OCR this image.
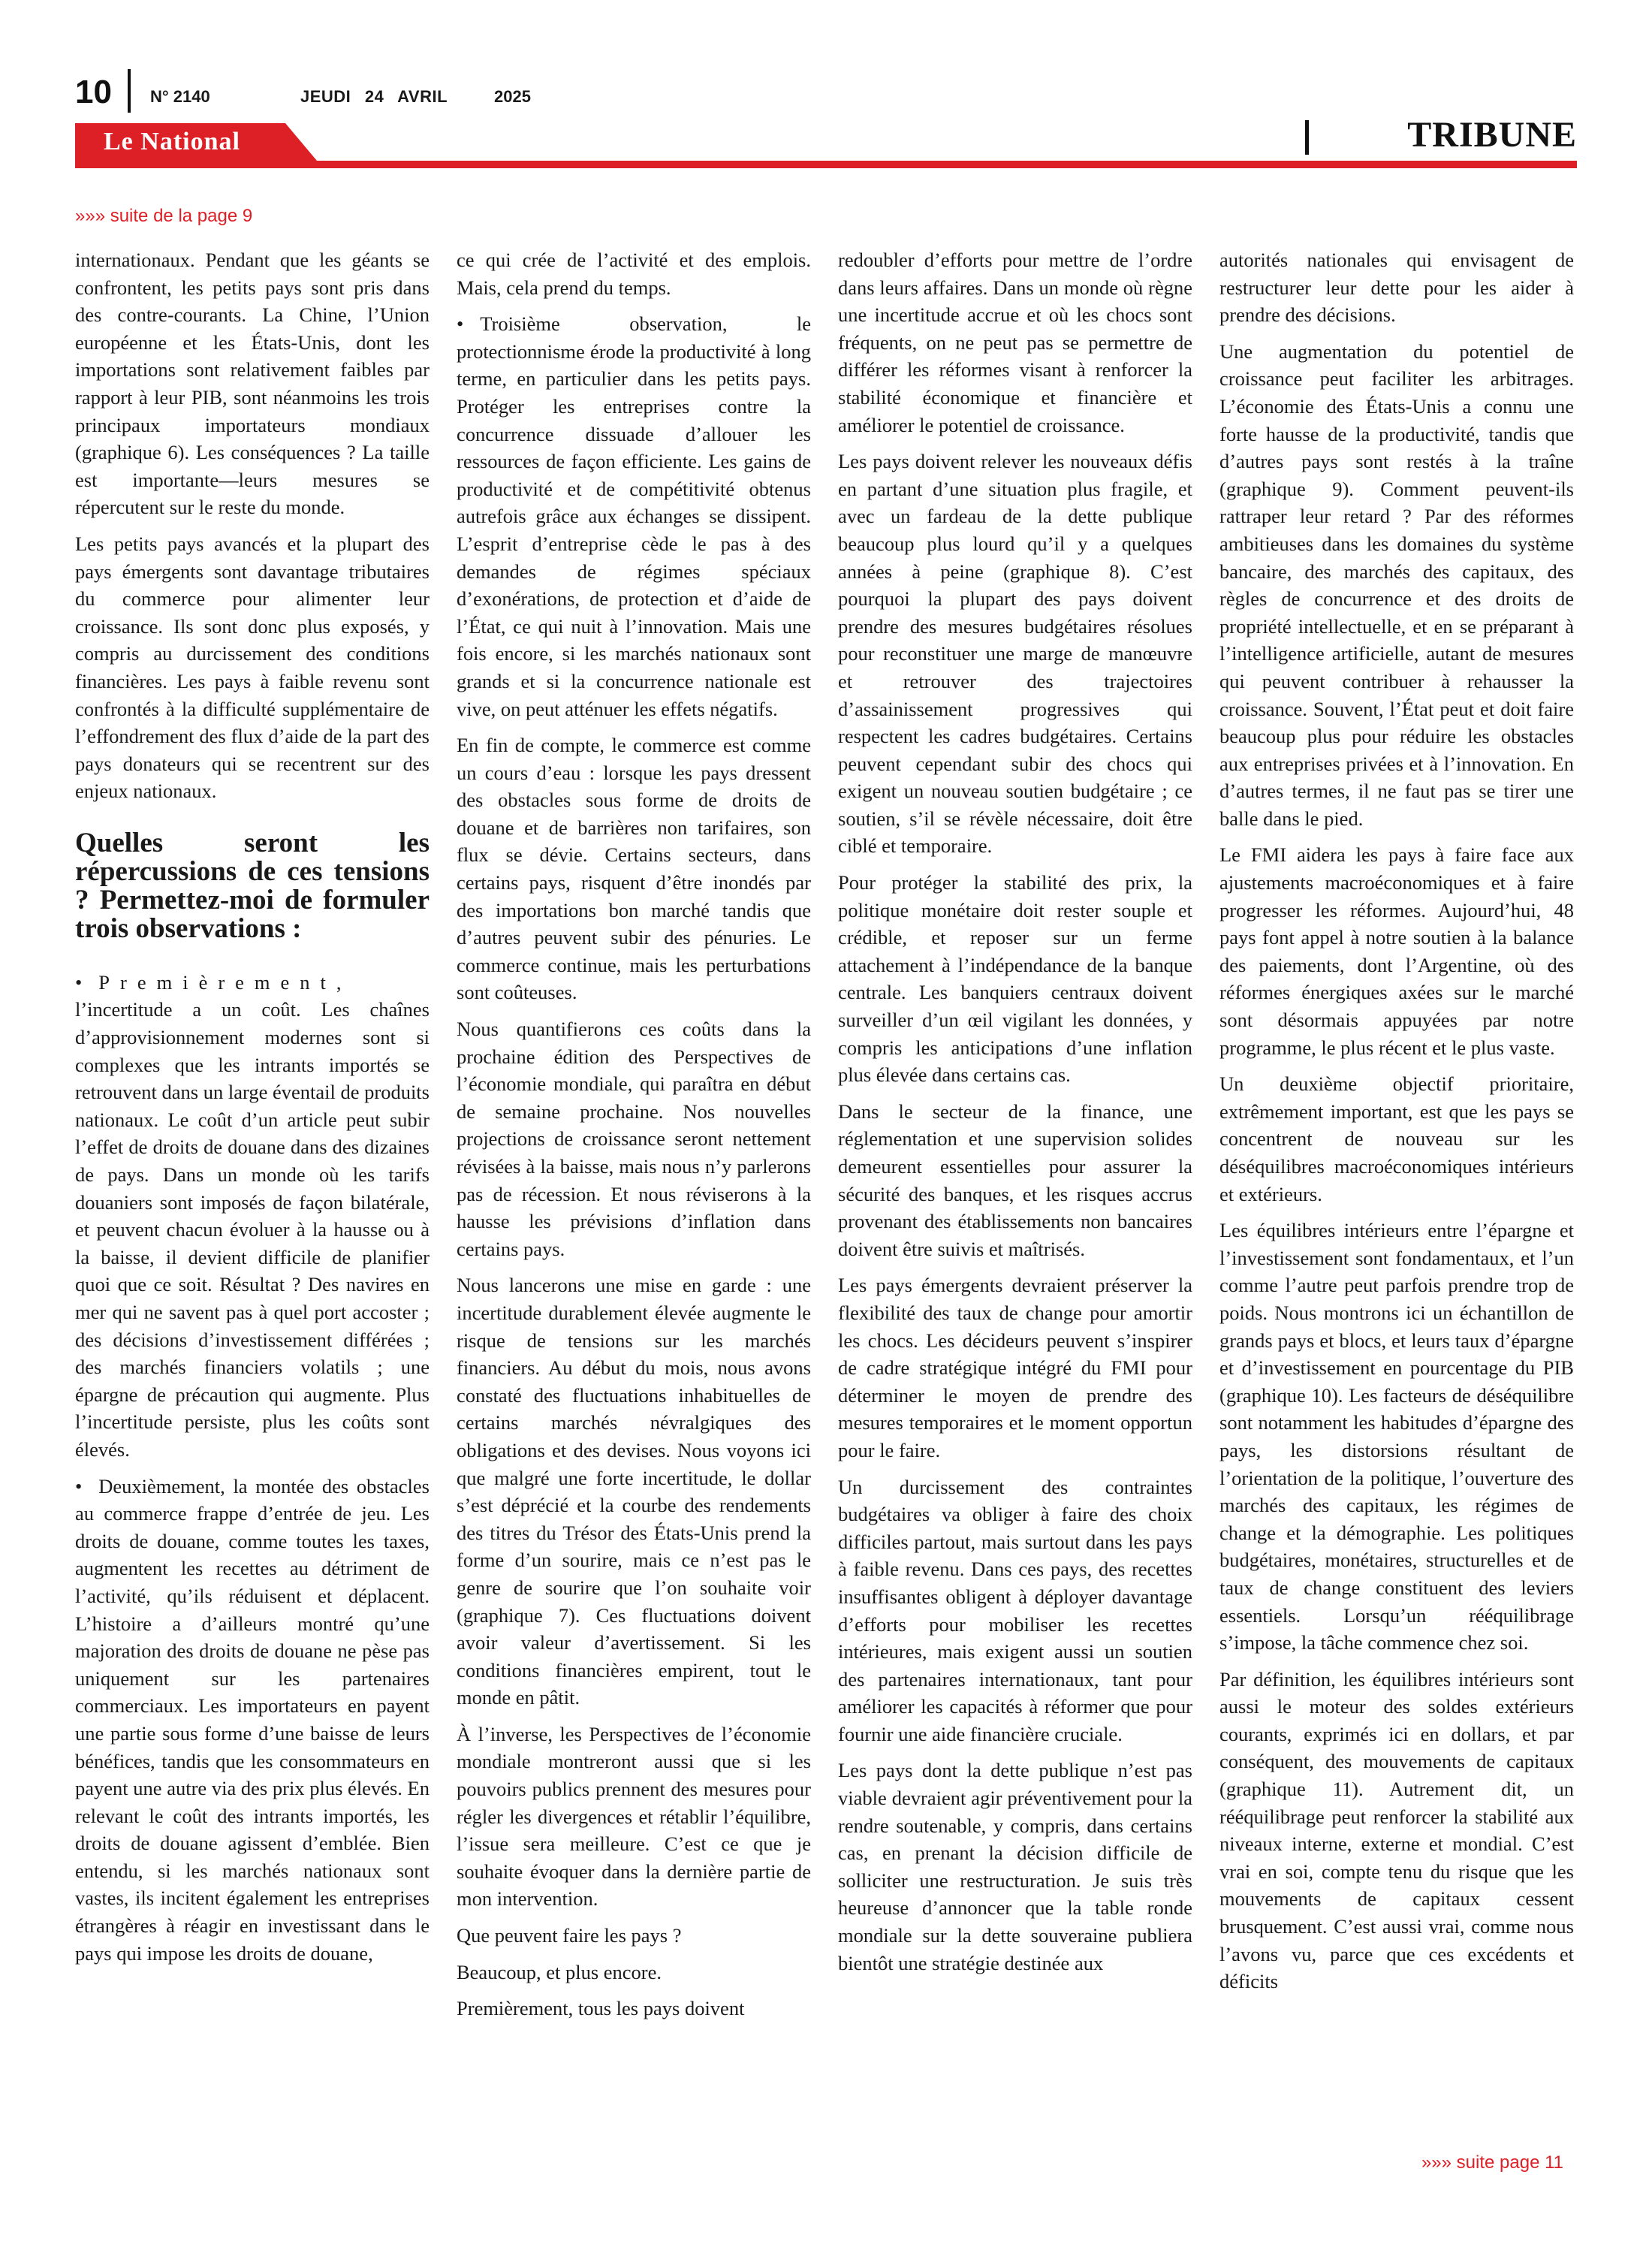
10 N° 2140	JEUDI 24 AVRIL	2025
Le National	TRIBUNE
»»» suite de la page 9

internationaux. Pendant que les géants se confrontent, les petits pays sont pris dans des contre-courants. La Chine, l’Union européenne et les États-Unis, dont les importations sont relativement faibles par rapport à leur PIB, sont néanmoins les trois principaux importateurs mondiaux (graphique 6). Les conséquences ? La taille est importante—leurs mesures se répercutent sur le reste du monde.

Les petits pays avancés et la plupart des pays émergents sont davantage tributaires du commerce pour alimenter leur croissance. Ils sont donc plus exposés, y compris au durcissement des conditions financières. Les pays à faible revenu sont confrontés à la difficulté supplémentaire de l’effondrement des flux d’aide de la part des pays donateurs qui se recentrent sur des enjeux nationaux.

Quelles seront les répercussions de ces tensions ? Permettez-moi de formuler trois observations :

• Premièrement, l’incertitude a un coût. Les chaînes d’approvisionnement modernes sont si complexes que les intrants importés se retrouvent dans un large éventail de produits nationaux. Le coût d’un article peut subir l’effet de droits de douane dans des dizaines de pays. Dans un monde où les tarifs douaniers sont imposés de façon bilatérale, et peuvent chacun évoluer à la hausse ou à la baisse, il devient difficile de planifier quoi que ce soit. Résultat ? Des navires en mer qui ne savent pas à quel port accoster ; des décisions d’investissement différées ; des marchés financiers volatils ; une épargne de précaution qui augmente. Plus l’incertitude persiste, plus les coûts sont élevés.

• Deuxièmement, la montée des obstacles au commerce frappe d’entrée de jeu. Les droits de douane, comme toutes les taxes, augmentent les recettes au détriment de l’activité, qu’ils réduisent et déplacent. L’histoire a d’ailleurs montré qu’une majoration des droits de douane ne pèse pas uniquement sur les partenaires commerciaux. Les importateurs en payent une partie sous forme d’une baisse de leurs bénéfices, tandis que les consommateurs en payent une autre via des prix plus élevés. En relevant le coût des intrants importés, les droits de douane agissent d’emblée. Bien entendu, si les marchés nationaux sont vastes, ils incitent également les entreprises étrangères à réagir en investissant dans le pays qui impose les droits de douane,

ce qui crée de l’activité et des emplois. Mais, cela prend du temps.

• Troisième observation, le protectionnisme érode la productivité à long terme, en particulier dans les petits pays. Protéger les entreprises contre la concurrence dissuade d’allouer les ressources de façon efficiente. Les gains de productivité et de compétitivité obtenus autrefois grâce aux échanges se dissipent. L’esprit d’entreprise cède le pas à des demandes de régimes spéciaux d’exonérations, de protection et d’aide de l’État, ce qui nuit à l’innovation. Mais une fois encore, si les marchés nationaux sont grands et si la concurrence nationale est vive, on peut atténuer les effets négatifs.

En fin de compte, le commerce est comme un cours d’eau : lorsque les pays dressent des obstacles sous forme de droits de douane et de barrières non tarifaires, son flux se dévie. Certains secteurs, dans certains pays, risquent d’être inondés par des importations bon marché tandis que d’autres peuvent subir des pénuries. Le commerce continue, mais les perturbations sont coûteuses.

Nous quantifierons ces coûts dans la prochaine édition des Perspectives de l’économie mondiale, qui paraîtra en début de semaine prochaine. Nos nouvelles projections de croissance seront nettement révisées à la baisse, mais nous n’y parlerons pas de récession. Et nous réviserons à la hausse les prévisions d’inflation dans certains pays.

Nous lancerons une mise en garde : une incertitude durablement élevée augmente le risque de tensions sur les marchés financiers. Au début du mois, nous avons constaté des fluctuations inhabituelles de certains marchés névralgiques des obligations et des devises. Nous voyons ici que malgré une forte incertitude, le dollar s’est déprécié et la courbe des rendements des titres du Trésor des États-Unis prend la forme d’un sourire, mais ce n’est pas le genre de sourire que l’on souhaite voir (graphique 7). Ces fluctuations doivent avoir valeur d’avertissement. Si les conditions financières empirent, tout le monde en pâtit.

À l’inverse, les Perspectives de l’économie mondiale montreront aussi que si les pouvoirs publics prennent des mesures pour régler les divergences et rétablir l’équilibre, l’issue sera meilleure. C’est ce que je souhaite évoquer dans la dernière partie de mon intervention.

Que peuvent faire les pays ?

Beaucoup, et plus encore.

Premièrement, tous les pays doivent

redoubler d’efforts pour mettre de l’ordre dans leurs affaires. Dans un monde où règne une incertitude accrue et où les chocs sont fréquents, on ne peut pas se permettre de différer les réformes visant à renforcer la stabilité économique et financière et améliorer le potentiel de croissance.

Les pays doivent relever les nouveaux défis en partant d’une situation plus fragile, et avec un fardeau de la dette publique beaucoup plus lourd qu’il y a quelques années à peine (graphique 8). C’est pourquoi la plupart des pays doivent prendre des mesures budgétaires résolues pour reconstituer une marge de manœuvre et retrouver des trajectoires d’assainissement progressives qui respectent les cadres budgétaires. Certains peuvent cependant subir des chocs qui exigent un nouveau soutien budgétaire ; ce soutien, s’il se révèle nécessaire, doit être ciblé et temporaire.

Pour protéger la stabilité des prix, la politique monétaire doit rester souple et crédible, et reposer sur un ferme attachement à l’indépendance de la banque centrale. Les banquiers centraux doivent surveiller d’un œil vigilant les données, y compris les anticipations d’une inflation plus élevée dans certains cas.

Dans le secteur de la finance, une réglementation et une supervision solides demeurent essentielles pour assurer la sécurité des banques, et les risques accrus provenant des établissements non bancaires doivent être suivis et maîtrisés.

Les pays émergents devraient préserver la flexibilité des taux de change pour amortir les chocs. Les décideurs peuvent s’inspirer de cadre stratégique intégré du FMI pour déterminer le moyen de prendre des mesures temporaires et le moment opportun pour le faire.

Un durcissement des contraintes budgétaires va obliger à faire des choix difficiles partout, mais surtout dans les pays à faible revenu. Dans ces pays, des recettes insuffisantes obligent à déployer davantage d’efforts pour mobiliser les recettes intérieures, mais exigent aussi un soutien des partenaires internationaux, tant pour améliorer les capacités à réformer que pour fournir une aide financière cruciale.

Les pays dont la dette publique n’est pas viable devraient agir préventivement pour la rendre soutenable, y compris, dans certains cas, en prenant la décision difficile de solliciter une restructuration. Je suis très heureuse d’annoncer que la table ronde mondiale sur la dette souveraine publiera bientôt une stratégie destinée aux

autorités nationales qui envisagent de restructurer leur dette pour les aider à prendre des décisions.

Une augmentation du potentiel de croissance peut faciliter les arbitrages. L’économie des États-Unis a connu une forte hausse de la productivité, tandis que d’autres pays sont restés à la traîne (graphique 9). Comment peuvent-ils rattraper leur retard ? Par des réformes ambitieuses dans les domaines du système bancaire, des marchés des capitaux, des règles de concurrence et des droits de propriété intellectuelle, et en se préparant à l’intelligence artificielle, autant de mesures qui peuvent contribuer à rehausser la croissance. Souvent, l’État peut et doit faire beaucoup plus pour réduire les obstacles aux entreprises privées et à l’innovation. En d’autres termes, il ne faut pas se tirer une balle dans le pied.

Le FMI aidera les pays à faire face aux ajustements macroéconomiques et à faire progresser les réformes. Aujourd’hui, 48 pays font appel à notre soutien à la balance des paiements, dont l’Argentine, où des réformes énergiques axées sur le marché sont désormais appuyées par notre programme, le plus récent et le plus vaste.

Un deuxième objectif prioritaire, extrêmement important, est que les pays se concentrent de nouveau sur les déséquilibres macroéconomiques intérieurs et extérieurs.

Les équilibres intérieurs entre l’épargne et l’investissement sont fondamentaux, et l’un comme l’autre peut parfois prendre trop de poids. Nous montrons ici un échantillon de grands pays et blocs, et leurs taux d’épargne et d’investissement en pourcentage du PIB (graphique 10). Les facteurs de déséquilibre sont notamment les habitudes d’épargne des pays, les distorsions résultant de l’orientation de la politique, l’ouverture des marchés des capitaux, les régimes de change et la démographie. Les politiques budgétaires, monétaires, structurelles et de taux de change constituent des leviers essentiels. Lorsqu’un rééquilibrage s’impose, la tâche commence chez soi.

Par définition, les équilibres intérieurs sont aussi le moteur des soldes extérieurs courants, exprimés ici en dollars, et par conséquent, des mouvements de capitaux (graphique 11). Autrement dit, un rééquilibrage peut renforcer la stabilité aux niveaux interne, externe et mondial. C’est vrai en soi, compte tenu du risque que les mouvements de capitaux cessent brusquement. C’est aussi vrai, comme nous l’avons vu, parce que ces excédents et déficits

»»» suite page 11
